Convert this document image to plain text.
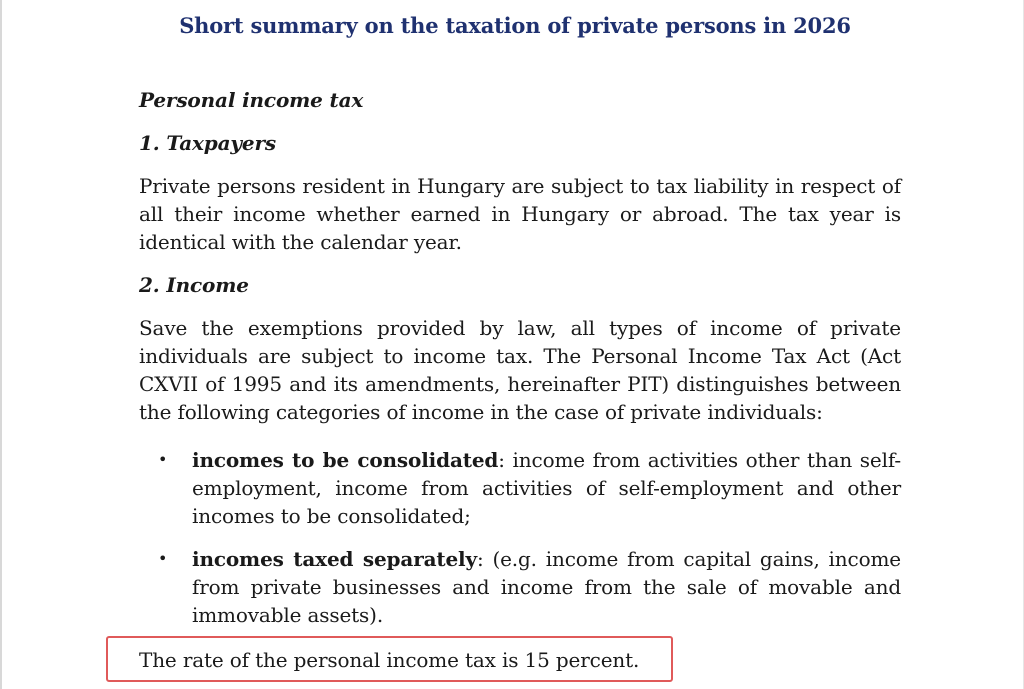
Short summary on the taxation of private persons in 2026
Personal income tax
1. Taxpayers

Private persons resident in Hungary are subject to tax liability in respect of all their income whether earned in Hungary or abroad. The tax year is identical with the calendar year.

2. Income

Save the exemptions provided by law, all types of income of private individuals are subject to income tax. The Personal Income Tax Act (Act CXVII of 1995 and its amendments, hereinafter PIT) distinguishes between the following categories of income in the case of private individuals:

• incomes to be consolidated: income from activities other than self-employment, income from activities of self-employment and other incomes to be consolidated;
• incomes taxed separately: (e.g. income from capital gains, income from private businesses and income from the sale of movable and immovable assets).
The rate of the personal income tax is 15 percent.
